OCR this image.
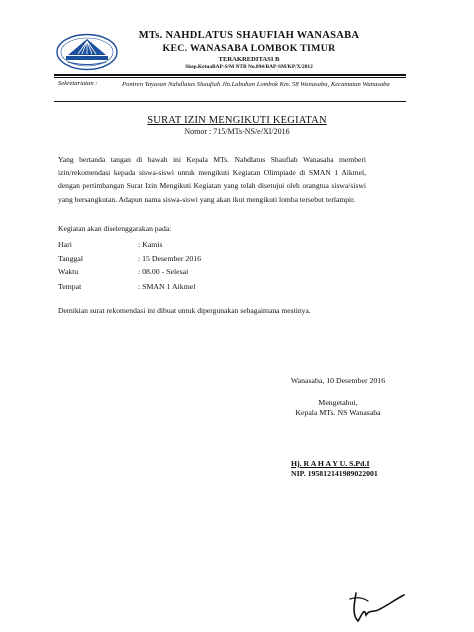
MTs. NAHDLATUS SHAUFIAH WANASABA
KEC. WANASABA LOMBOK TIMUR
TERAKREDITASI B
Skep.KetuaBAP-S/M NTB No.094/BAP-SM/KP/X/2012
Sekretariatan :	Pontren Yayasan Nahdlatus Shaufiah Jln.Labuhan Lombok Km. 58 Wanasaba, Kecamatan Wanasaba
SURAT IZIN MENGIKUTI KEGIATAN
Nomor : 715/MTs-NS/e/XI/2016
Yang bertanda tangan di bawah ini Kepala MTs. Nahdlatus Shaufiah Wanasaba memberi izin/rekomendasi kepada siswa-siswi untuk mengikuti Kegiatan Olimpiade di SMAN 1 Aikmel, dengan pertimbangan Surat Izin Mengikuti Kegiatan yang telah disetujui oleh orangtua siswa/siswi yang bersangkutan. Adapun nama siswa-siswi yang akan ikut mengikuti lomba tersebut terlampir.
Kegiatan akan diselenggarakan pada:
Hari	: Kamis
Tanggal	: 15 Desember 2016
Waktu	: 08.00 - Selesai
Tempat	: SMAN 1 Aikmel
Demikian surat rekomendasi ini dibuat untuk dipergunakan sebagaimana mestinya.
Wanasaba, 10 Desember 2016
Mengetahui,
Kepala MTs. NS Wanasaba
Hj. R A H A Y U. S.Pd.I
NIP. 195812141989022001
